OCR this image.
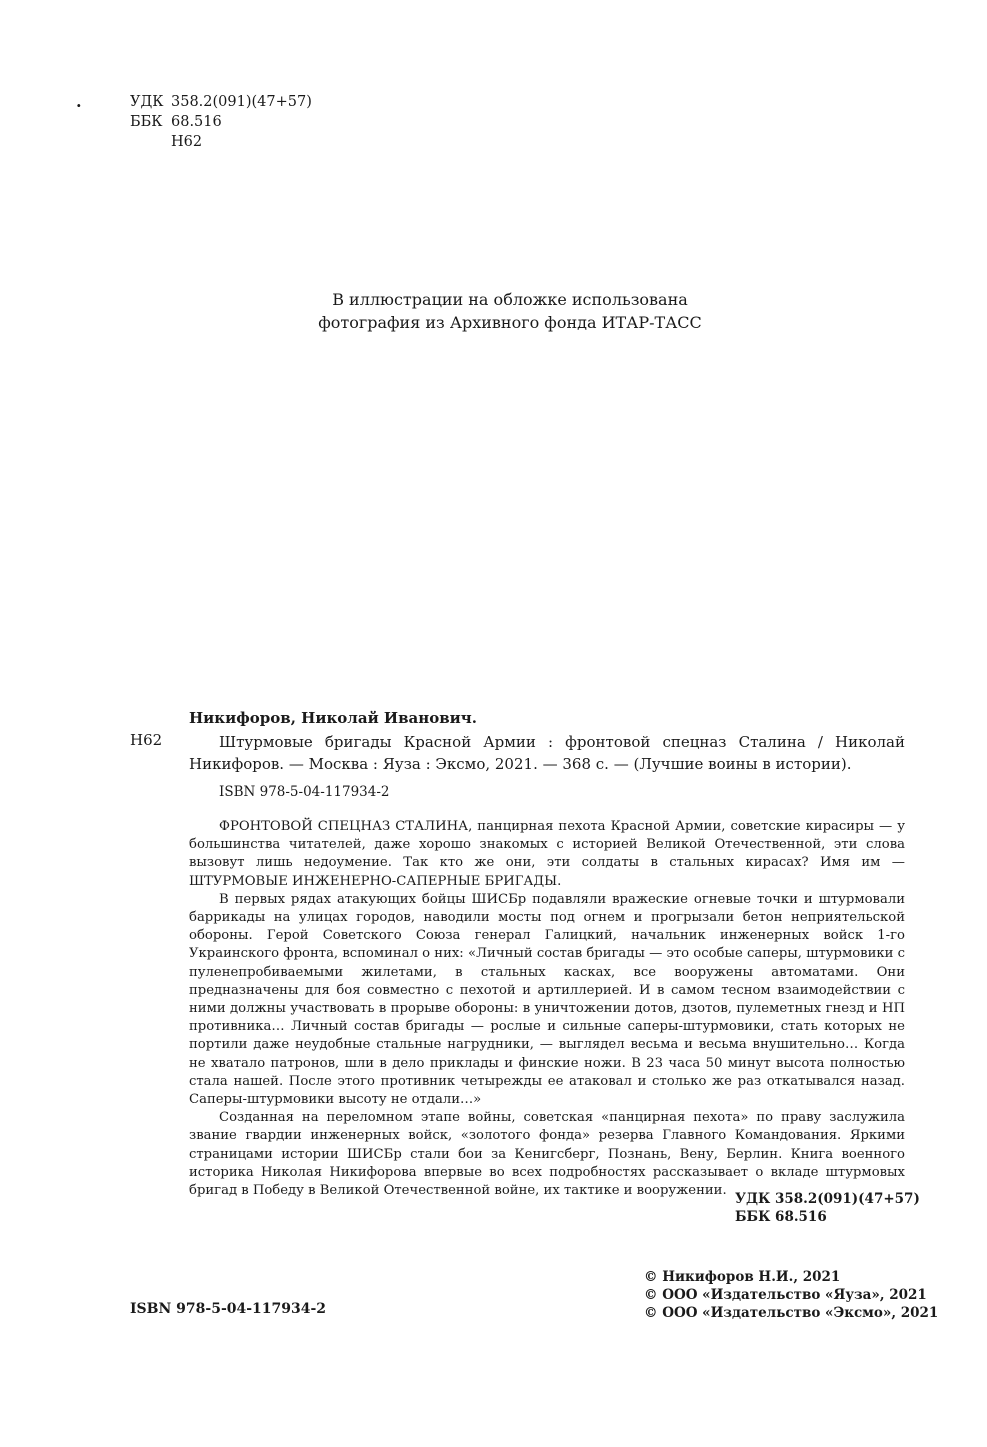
.	УДК 358.2(091)(47+57)
ББК 68.516
Н62
В иллюстрации на обложке использована
фотография из Архивного фонда ИТАР-ТАСС
Никифоров, Николай Иванович.
Н62	Штурмовые бригады Красной Армии : фронтовой спецназ Сталина / Николай Никифоров. — Москва : Яуза : Эксмо, 2021. — 368 с. — (Лучшие воины в истории).

ISBN 978-5-04-117934-2

ФРОНТОВОЙ СПЕЦНАЗ СТАЛИНА, панцирная пехота Красной Армии, советские кирасиры — у большинства читателей, даже хорошо знакомых с историей Великой Отечественной, эти слова вызовут лишь недоумение. Так кто же они, эти солдаты в стальных кирасах? Имя им — ШТУРМОВЫЕ ИНЖЕНЕРНО-САПЕРНЫЕ БРИГАДЫ.

В первых рядах атакующих бойцы ШИСБр подавляли вражеские огневые точки и штурмовали баррикады на улицах городов, наводили мосты под огнем и прогрызали бетон неприятельской обороны. Герой Советского Союза генерал Галицкий, начальник инженерных войск 1-го Украинского фронта, вспоминал о них: «Личный состав бригады — это особые саперы, штурмовики с пуленепробиваемыми жилетами, в стальных касках, все вооружены автоматами. Они предназначены для боя совместно с пехотой и артиллерией. И в самом тесном взаимодействии с ними должны участвовать в прорыве обороны: в уничтожении дотов, дзотов, пулеметных гнезд и НП противника… Личный состав бригады — рослые и сильные саперы-штурмовики, стать которых не портили даже неудобные стальные нагрудники, — выглядел весьма и весьма внушительно… Когда не хватало патронов, шли в дело приклады и финские ножи. В 23 часа 50 минут высота полностью стала нашей. После этого противник четырежды ее атаковал и столько же раз откатывался назад. Саперы-штурмовики высоту не отдали…»

Созданная на переломном этапе войны, советская «панцирная пехота» по праву заслужила звание гвардии инженерных войск, «золотого фонда» резерва Главного Командования. Яркими страницами истории ШИСБр стали бои за Кенигсберг, Познань, Вену, Берлин. Книга военного историка Николая Никифорова впервые во всех подробностях рассказывает о вкладе штурмовых бригад в Победу в Великой Отечественной войне, их тактике и вооружении.

УДК 358.2(091)(47+57)
ББК 68.516
ISBN 978-5-04-117934-2
© Никифоров Н.И., 2021
© ООО «Издательство «Яуза», 2021
© ООО «Издательство «Эксмо», 2021
